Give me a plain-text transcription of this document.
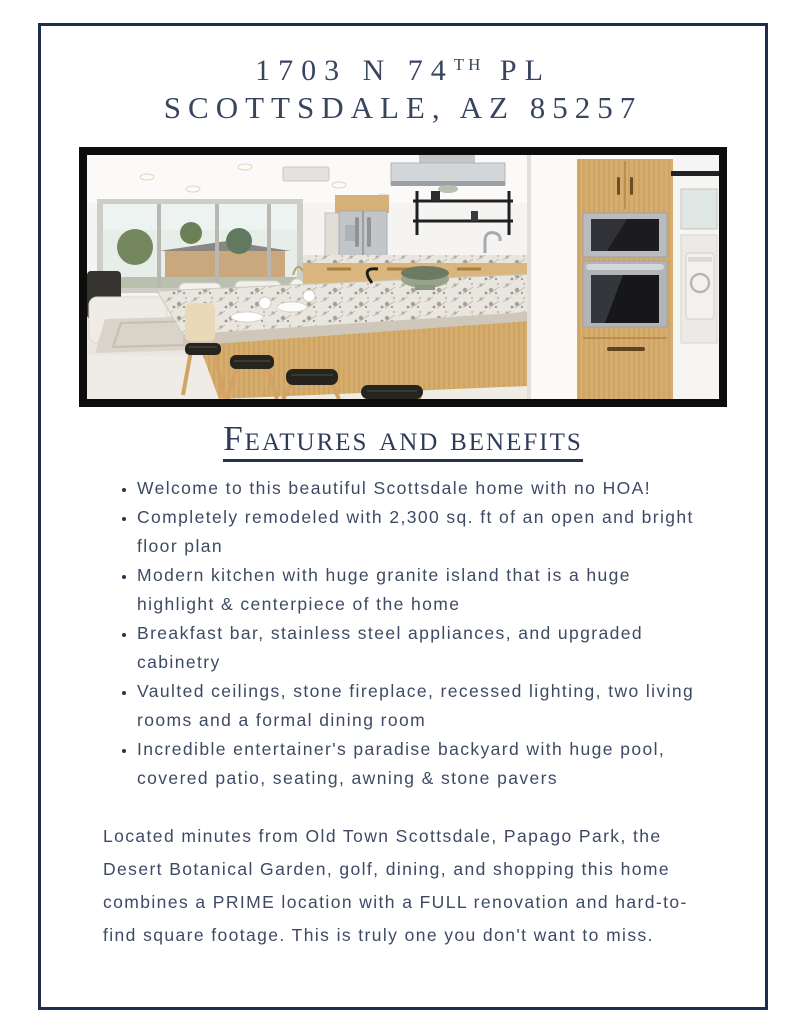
1703 N 74TH PL
SCOTTSDALE, AZ 85257
Features and benefits
• Welcome to this beautiful Scottsdale home with no HOA!
• Completely remodeled with 2,300 sq. ft of an open and bright floor plan
• Modern kitchen with huge granite island that is a huge highlight & centerpiece of the home
• Breakfast bar, stainless steel appliances, and upgraded cabinetry
• Vaulted ceilings, stone fireplace, recessed lighting, two living rooms and a formal dining room
• Incredible entertainer's paradise backyard with huge pool, covered patio, seating, awning & stone pavers

Located minutes from Old Town Scottsdale, Papago Park, the Desert Botanical Garden, golf, dining, and shopping this home combines a PRIME location with a FULL renovation and hard-to-find square footage. This is truly one you don't want to miss.
